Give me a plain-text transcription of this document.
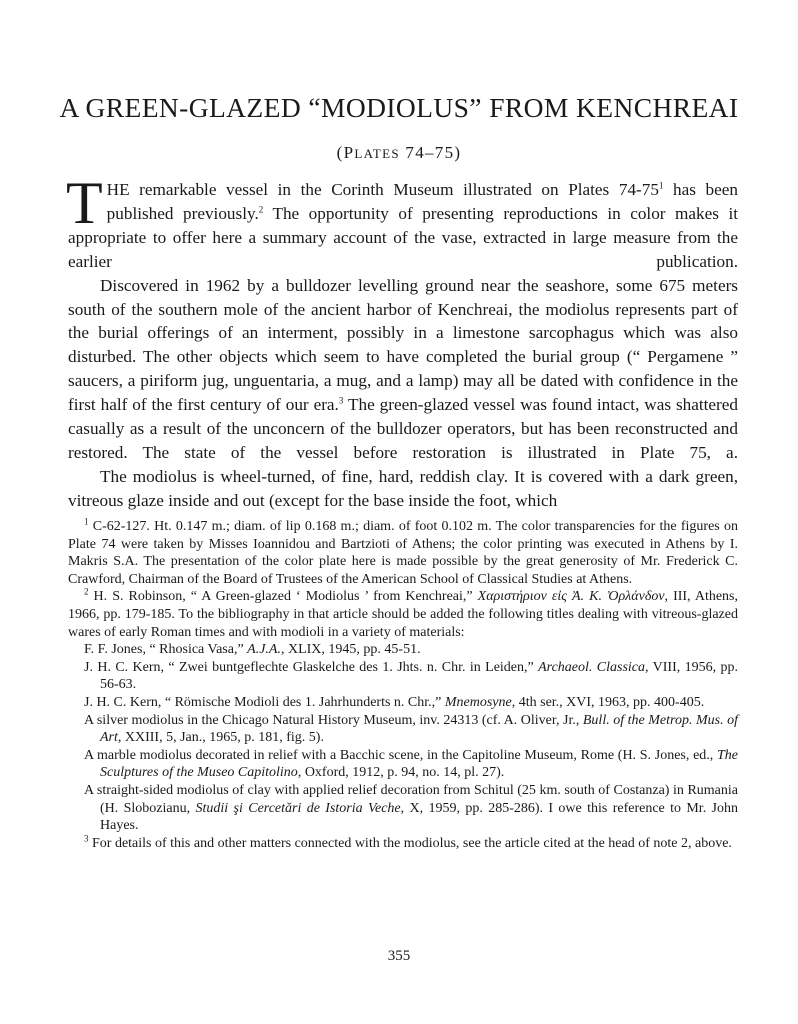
A GREEN-GLAZED “MODIOLUS” FROM KENCHREAI
(PLATES 74–75)

THE remarkable vessel in the Corinth Museum illustrated on Plates $74-75^1$ has been published previously.$^2$ The opportunity of presenting reproductions in color makes it appropriate to offer here a summary account of the vase, extracted in large measure from the earlier publication.

Discovered in 1962 by a bulldozer levelling ground near the seashore, some 675 meters south of the southern mole of the ancient harbor of Kenchreai, the modiolus represents part of the burial offerings of an interment, possibly in a limestone sarcophagus which was also disturbed. The other objects which seem to have completed the burial group (“ Pergamene ” saucers, a piriform jug, unguentaria, a mug, and a lamp) may all be dated with confidence in the first half of the first century of our era.$^3$ The green-glazed vessel was found intact, was shattered casually as a result of the unconcern of the bulldozer operators, but has been reconstructed and restored. The state of the vessel before restoration is illustrated in Plate 75, a.

The modiolus is wheel-turned, of fine, hard, reddish clay. It is covered with a dark green, vitreous glaze inside and out (except for the base inside the foot, which

$^1$ C-62-127. Ht. 0.147 m.; diam. of lip 0.168 m.; diam. of foot 0.102 m. The color transparencies for the figures on Plate 74 were taken by Misses Ioannidou and Bartzioti of Athens; the color printing was executed in Athens by I. Makris S.A. The presentation of the color plate here is made possible by the great generosity of Mr. Frederick C. Crawford, Chairman of the Board of Trustees of the American School of Classical Studies at Athens.

$^2$ H. S. Robinson, “ A Green-glazed ‘ Modiolus ’ from Kenchreai,” Χαριστήριον εἰς Ἀ. Κ. Ὀρλάνδον, III, Athens, 1966, pp. 179-185. To the bibliography in that article should be added the following titles dealing with vitreous-glazed wares of early Roman times and with modioli in a variety of materials:

F. F. Jones, “ Rhosica Vasa,” A.J.A., XLIX, 1945, pp. 45-51.

J. H. C. Kern, “ Zwei buntgeflechte Glaskelche des 1. Jhts. n. Chr. in Leiden,” Archaeol. Classica, VIII, 1956, pp. 56-63.

J. H. C. Kern, “ Römische Modioli des 1. Jahrhunderts n. Chr.,” Mnemosyne, 4th ser., XVI, 1963, pp. 400-405.

A silver modiolus in the Chicago Natural History Museum, inv. 24313 (cf. A. Oliver, Jr., Bull. of the Metrop. Mus. of Art, XXIII, 5, Jan., 1965, p. 181, fig. 5).

A marble modiolus decorated in relief with a Bacchic scene, in the Capitoline Museum, Rome (H. S. Jones, ed., The Sculptures of the Museo Capitolino, Oxford, 1912, p. 94, no. 14, pl. 27).

A straight-sided modiolus of clay with applied relief decoration from Schitul (25 km. south of Costanza) in Rumania (H. Slobozianu, Studii şi Cercetări de Istoria Veche, X, 1959, pp. 285-286). I owe this reference to Mr. John Hayes.

$^3$ For details of this and other matters connected with the modiolus, see the article cited at the head of note 2, above.

355
